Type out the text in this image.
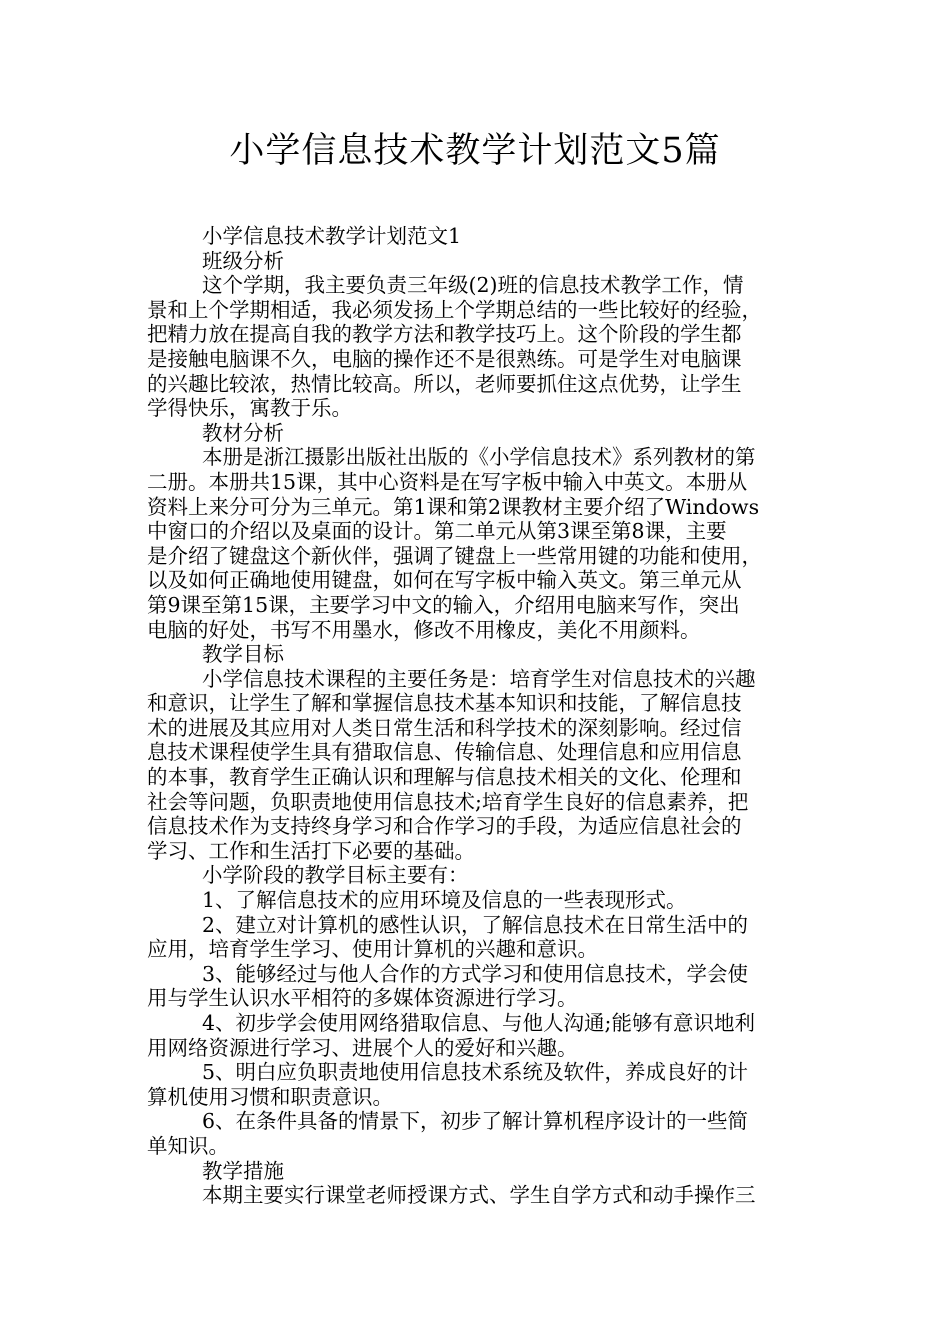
小学信息技术教学计划范文5篇

小学信息技术教学计划范文1

班级分析

这个学期，我主要负责三年级(2)班的信息技术教学工作，情

景和上个学期相适，我必须发扬上个学期总结的一些比较好的经验，

把精力放在提高自我的教学方法和教学技巧上。这个阶段的学生都

是接触电脑课不久，电脑的操作还不是很熟练。可是学生对电脑课

的兴趣比较浓，热情比较高。所以，老师要抓住这点优势，让学生

学得快乐，寓教于乐。

教材分析

本册是浙江摄影出版社出版的《小学信息技术》系列教材的第

二册。本册共15课，其中心资料是在写字板中输入中英文。本册从

资料上来分可分为三单元。第1课和第2课教材主要介绍了Windows

中窗口的介绍以及桌面的设计。第二单元从第3课至第8课，主要

是介绍了键盘这个新伙伴，强调了键盘上一些常用键的功能和使用，

以及如何正确地使用键盘，如何在写字板中输入英文。第三单元从

第9课至第15课，主要学习中文的输入，介绍用电脑来写作，突出

电脑的好处，书写不用墨水，修改不用橡皮，美化不用颜料。

教学目标

小学信息技术课程的主要任务是：培育学生对信息技术的兴趣

和意识，让学生了解和掌握信息技术基本知识和技能，了解信息技

术的进展及其应用对人类日常生活和科学技术的深刻影响。经过信

息技术课程使学生具有猎取信息、传输信息、处理信息和应用信息

的本事，教育学生正确认识和理解与信息技术相关的文化、伦理和

社会等问题，负职责地使用信息技术;培育学生良好的信息素养，把

信息技术作为支持终身学习和合作学习的手段，为适应信息社会的

学习、工作和生活打下必要的基础。

小学阶段的教学目标主要有：

1、了解信息技术的应用环境及信息的一些表现形式。

2、建立对计算机的感性认识，了解信息技术在日常生活中的

应用，培育学生学习、使用计算机的兴趣和意识。

3、能够经过与他人合作的方式学习和使用信息技术，学会使

用与学生认识水平相符的多媒体资源进行学习。

4、初步学会使用网络猎取信息、与他人沟通;能够有意识地利

用网络资源进行学习、进展个人的爱好和兴趣。

5、明白应负职责地使用信息技术系统及软件，养成良好的计

算机使用习惯和职责意识。

6、在条件具备的情景下，初步了解计算机程序设计的一些简

单知识。

教学措施

本期主要实行课堂老师授课方式、学生自学方式和动手操作三
